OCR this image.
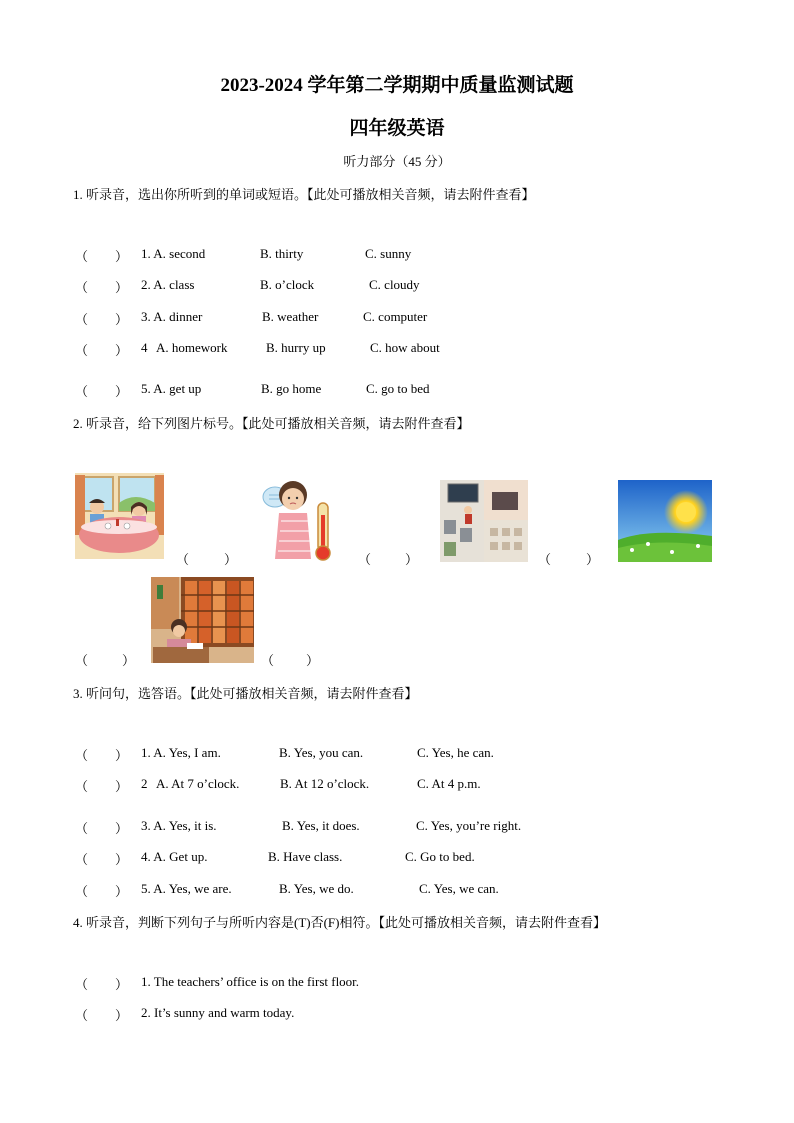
2023-2024 学年第二学期期中质量监测试题
四年级英语
听力部分（45 分）
1. 听录音，选出你所听到的单词或短语。【此处可播放相关音频，请去附件查看】
（ ） 1. A. second	B. thirty	C. sunny
（ ） 2. A. class	B. o’clock	C. cloudy
（ ） 3. A. dinner	B. weather	C. computer
（ ） 4 A. homework	B. hurry up	C. how about
（ ） 5. A. get up	B. go home	C. go to bed
2. 听录音，给下列图片标号。【此处可播放相关音频，请去附件查看】
（	）	（	）	（	）
（	）	（ ）
3. 听问句，选答语。【此处可播放相关音频，请去附件查看】
（ ） 1. A. Yes, I am.	B. Yes, you can.	C. Yes, he can.
（ ） 2 A. At 7 o’clock.	B. At 12 o’clock.	C. At 4 p.m.
（ ） 3. A. Yes, it is.	B. Yes, it does.	C. Yes, you’re right.
（ ） 4. A. Get up.	B. Have class.	C. Go to bed.
（ ） 5. A. Yes, we are.	B. Yes, we do.	C. Yes, we can.
4. 听录音，判断下列句子与所听内容是(T)否(F)相符。【此处可播放相关音频，请去附件查看】
（ ） 1. The teachers’ office is on the first floor.
（ ） 2. It’s sunny and warm today.
